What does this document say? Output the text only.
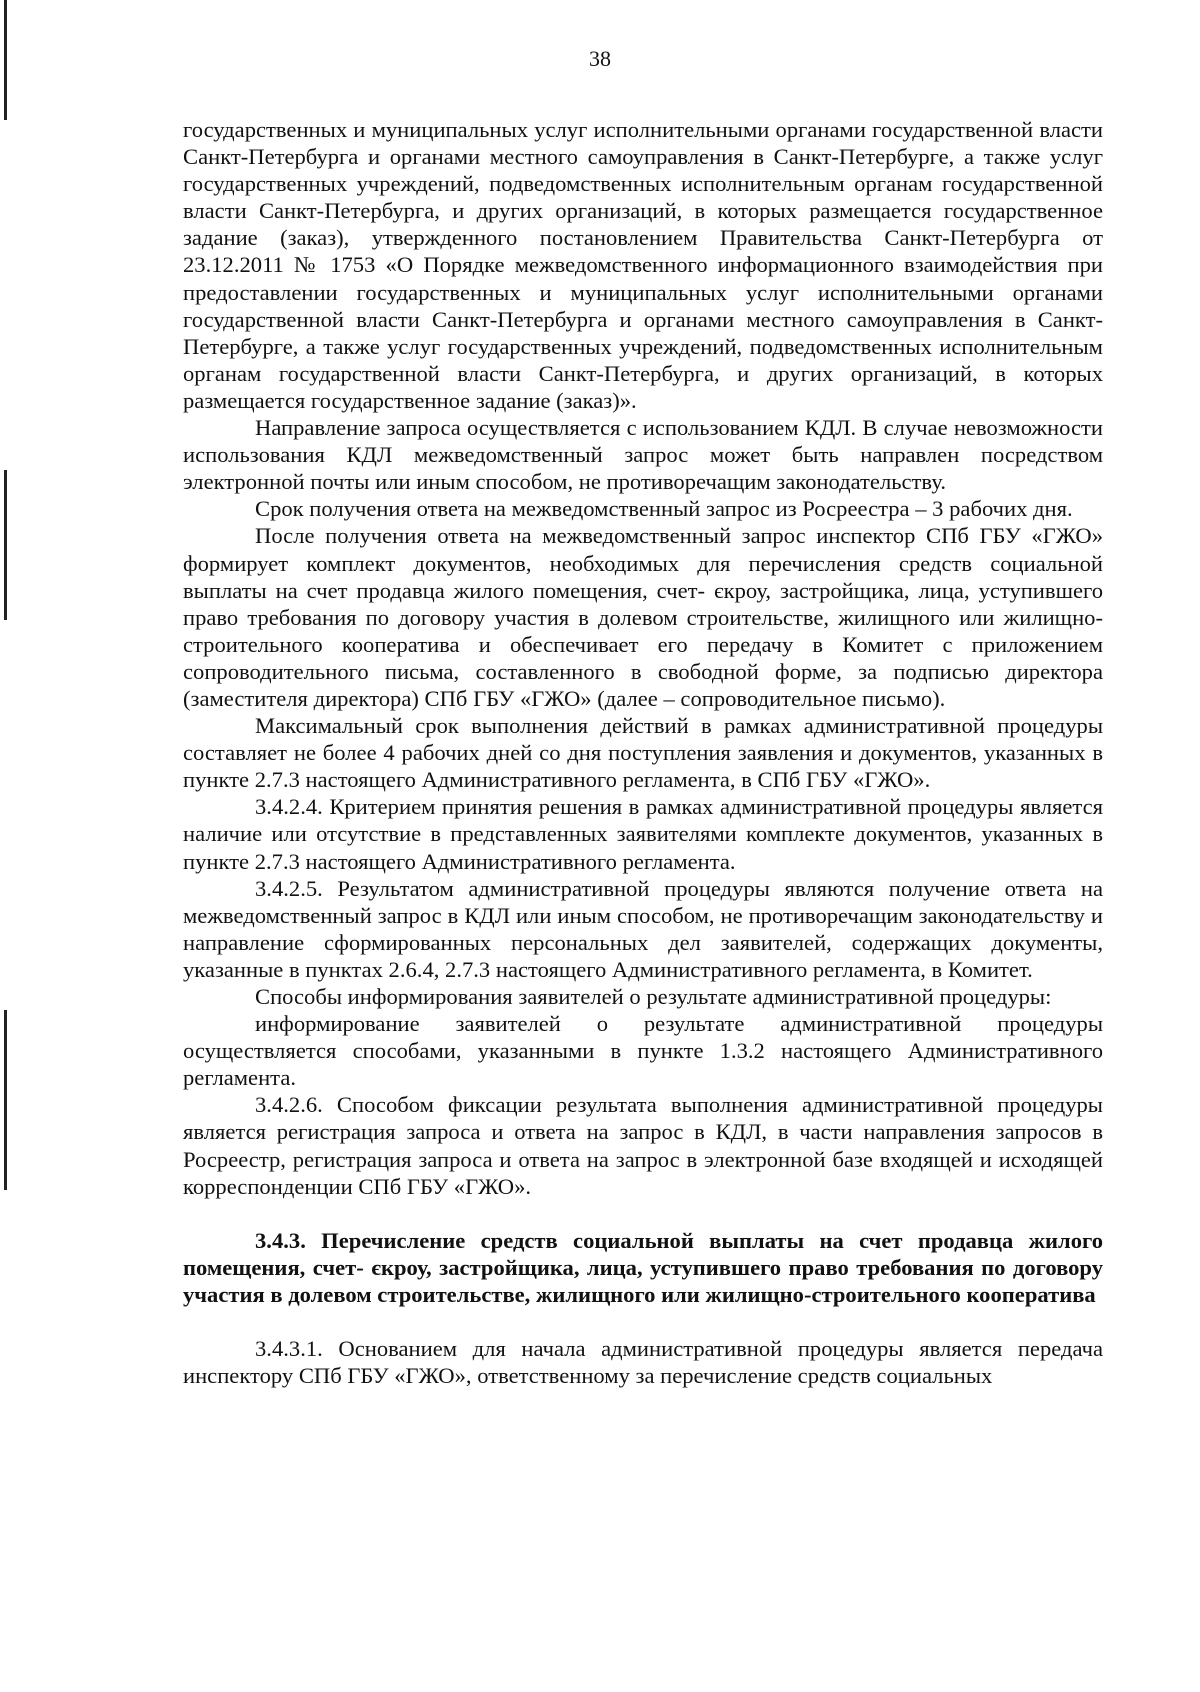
38

государственных и муниципальных услуг исполнительными органами государственной власти Санкт-Петербурга и органами местного самоуправления в Санкт-Петербурге, а также услуг государственных учреждений, подведомственных исполнительным органам государственной власти Санкт-Петербурга, и других организаций, в которых размещается государственное задание (заказ), утвержденного постановлением Правительства Санкт-Петербурга от 23.12.2011 № 1753 «О Порядке межведомственного информационного взаимодействия при предоставлении государственных и муниципальных услуг исполнительными органами государственной власти Санкт-Петербурга и органами местного самоуправления в Санкт-Петербурге, а также услуг государственных учреждений, подведомственных исполнительным органам государственной власти Санкт-Петербурга, и других организаций, в которых размещается государственное задание (заказ)».

Направление запроса осуществляется с использованием КДЛ. В случае невозможности использования КДЛ межведомственный запрос может быть направлен посредством электронной почты или иным способом, не противоречащим законодательству.

Срок получения ответа на межведомственный запрос из Росреестра – 3 рабочих дня.

После получения ответа на межведомственный запрос инспектор СПб ГБУ «ГЖО» формирует комплект документов, необходимых для перечисления средств социальной выплаты на счет продавца жилого помещения, счет- єкроу, застройщика, лица, уступившего право требования по договору участия в долевом строительстве, жилищного или жилищно-строительного кооператива и обеспечивает его передачу в Комитет с приложением сопроводительного письма, составленного в свободной форме, за подписью директора (заместителя директора) СПб ГБУ «ГЖО» (далее – сопроводительное письмо).

Максимальный срок выполнения действий в рамках административной процедуры составляет не более 4 рабочих дней со дня поступления заявления и документов, указанных в пункте 2.7.3 настоящего Административного регламента, в СПб ГБУ «ГЖО».

3.4.2.4. Критерием принятия решения в рамках административной процедуры является наличие или отсутствие в представленных заявителями комплекте документов, указанных в пункте 2.7.3 настоящего Административного регламента.

3.4.2.5. Результатом административной процедуры являются получение ответа на межведомственный запрос в КДЛ или иным способом, не противоречащим законодательству и направление сформированных персональных дел заявителей, содержащих документы, указанные в пунктах 2.6.4, 2.7.3 настоящего Административного регламента, в Комитет.

Способы информирования заявителей о результате административной процедуры:

информирование заявителей о результате административной процедуры осуществляется способами, указанными в пункте 1.3.2 настоящего Административного регламента.

3.4.2.6. Способом фиксации результата выполнения административной процедуры является регистрация запроса и ответа на запрос в КДЛ, в части направления запросов в Росреестр, регистрация запроса и ответа на запрос в электронной базе входящей и исходящей корреспонденции СПб ГБУ «ГЖО».

3.4.3. Перечисление средств социальной выплаты на счет продавца жилого помещения, счет- єкроу, застройщика, лица, уступившего право требования по договору участия в долевом строительстве, жилищного или жилищно-строительного кооператива

3.4.3.1. Основанием для начала административной процедуры является передача инспектору СПб ГБУ «ГЖО», ответственному за перечисление средств социальных
